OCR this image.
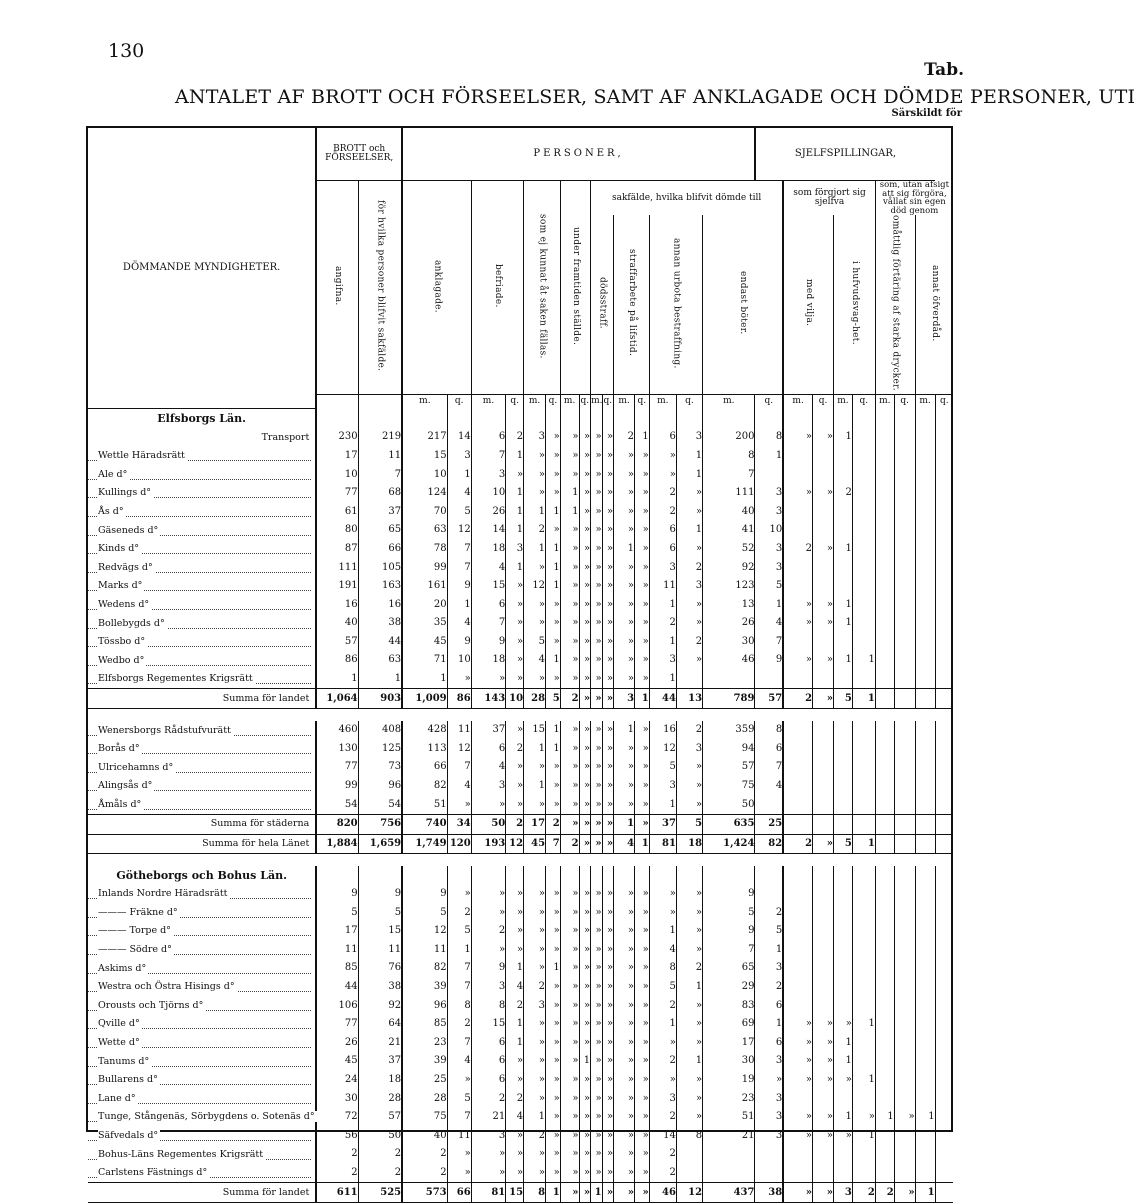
130
Tab.
ANTALET AF BROTT OCH FÖRSEELSER, SAMT AF ANKLAGADE OCH DÖMDE PERSONER, UTI
Särskildt för
DÖMMANDE MYNDIGHETER.	BROTT och FÖRSEELSER,		PERSONER,															SJELFSPILLINGAR,								
	angifna.	för hvilka personer blifvit sakfälde.	anklagade.		befriade.		som ej kunnat åt saken fällas.		under framtiden ställde.		sakfälde, hvilka blifvit dömde till								som förgjort sig sjelfva				som, utan afsigt att sig förgöra, vållat sin egen död genom			
											dödsstraff.		straffarbete på lifstid.		annan urbota bestraffning.		endast böter.		med vilja.		i hufvudsvag-het.		omåttlig förtäring af starka drycker.		annat öfverdåd.	
			m.	q.	m.	q.	m.	q.	m.	q.	m.	q.	m.	q.	m.	q.	m.	q.	m.	q.	m.	q.	m.	q.	m.	q.
Elfsborgs Län.																										
Transport	230	219	217	14	6	2	3	»	»	»	»	»	2	1	6	3	200	8	»	»	1					

Wettle Häradsrätt	17	11	15	3	7	1	»	»	»	»	»	»	»	»	»	1	8	1								

Ale d°	10	7	10	1	3	»	»	»	»	»	»	»	»	»	»	1	7									

Kullings d°	77	68	124	4	10	1	»	»	1	»	»	»	»	»	2	»	111	3	»	»	2					

Ås d°	61	37	70	5	26	1	1	1	1	»	»	»	»	»	2	»	40	3								

Gäseneds d°	80	65	63	12	14	1	2	»	»	»	»	»	»	»	6	1	41	10								

Kinds d°	87	66	78	7	18	3	1	1	»	»	»	»	1	»	6	»	52	3	2	»	1					

Redvägs d°	111	105	99	7	4	1	»	1	»	»	»	»	»	»	3	2	92	3								

Marks d°	191	163	161	9	15	»	12	1	»	»	»	»	»	»	11	3	123	5								

Wedens d°	16	16	20	1	6	»	»	»	»	»	»	»	»	»	1	»	13	1	»	»	1					

Bollebygds d°	40	38	35	4	7	»	»	»	»	»	»	»	»	»	2	»	26	4	»	»	1					

Tössbo d°	57	44	45	9	9	»	5	»	»	»	»	»	»	»	1	2	30	7								

Wedbo d°	86	63	71	10	18	»	4	1	»	»	»	»	»	»	3	»	46	9	»	»	1	1				

Elfsborgs Regementes Krigsrätt	1	1	1	»	»	»	»	»	»	»	»	»	»	»	1											
Summa för landet	1,064	903	1,009	86	143	10	28	5	2	»	»	»	3	1	44	13	789	57	2	»	5	1				

Wenersborgs Rådstufvurätt	460	408	428	11	37	»	15	1	»	»	»	»	1	»	16	2	359	8								

Borås d°	130	125	113	12	6	2	1	1	»	»	»	»	»	»	12	3	94	6								

Ulricehamns d°	77	73	66	7	4	»	»	»	»	»	»	»	»	»	5	»	57	7								

Alingsås d°	99	96	82	4	3	»	1	»	»	»	»	»	»	»	3	»	75	4								

Åmåls d°	54	54	51	»	»	»	»	»	»	»	»	»	»	»	1	»	50									
Summa för städerna	820	756	740	34	50	2	17	2	»	»	»	»	1	»	37	5	635	25								
Summa för hela Länet	1,884	1,659	1,749	120	193	12	45	7	2	»	»	»	4	1	81	18	1,424	82	2	»	5	1				

Götheborgs och Bohus Län.																										

Inlands Nordre Häradsrätt	9	9	9	»	»	»	»	»	»	»	»	»	»	»	»	»	9									

——— Fräkne d°	5	5	5	2	»	»	»	»	»	»	»	»	»	»	»	»	5	2								

——— Torpe d°	17	15	12	5	2	»	»	»	»	»	»	»	»	»	1	»	9	5								

——— Södre d°	11	11	11	1	»	»	»	»	»	»	»	»	»	»	4	»	7	1								

Askims d°	85	76	82	7	9	1	»	1	»	»	»	»	»	»	8	2	65	3								

Westra och Östra Hisings d°	44	38	39	7	3	4	2	»	»	»	»	»	»	»	5	1	29	2								

Orousts och Tjörns d°	106	92	96	8	8	2	3	»	»	»	»	»	»	»	2	»	83	6								

Qville d°	77	64	85	2	15	1	»	»	»	»	»	»	»	»	1	»	69	1	»	»	»	1				

Wette d°	26	21	23	7	6	1	»	»	»	»	»	»	»	»	»	»	17	6	»	»	1					

Tanums d°	45	37	39	4	6	»	»	»	»	1	»	»	»	»	2	1	30	3	»	»	1					

Bullarens d°	24	18	25	»	6	»	»	»	»	»	»	»	»	»	»	»	19	»	»	»	»	1				

Lane d°	30	28	28	5	2	2	»	»	»	»	»	»	»	»	3	»	23	3								

Tunge, Stångenäs, Sörbygdens o. Sotenäs d°	72	57	75	7	21	4	1	»	»	»	»	»	»	»	2	»	51	3	»	»	1	»	1	»	1	

Säfvedals d°	56	50	40	11	3	»	2	»	»	»	»	»	»	»	14	8	21	3	»	»	»	1				

Bohus-Läns Regementes Krigsrätt	2	2	2	»	»	»	»	»	»	»	»	»	»	»	2											

Carlstens Fästnings d°	2	2	2	»	»	»	»	»	»	»	»	»	»	»	2											
Summa för landet	611	525	573	66	81	15	8	1	»	»	1	»	»	»	46	12	437	38	»	»	3	2	2	»	1	
